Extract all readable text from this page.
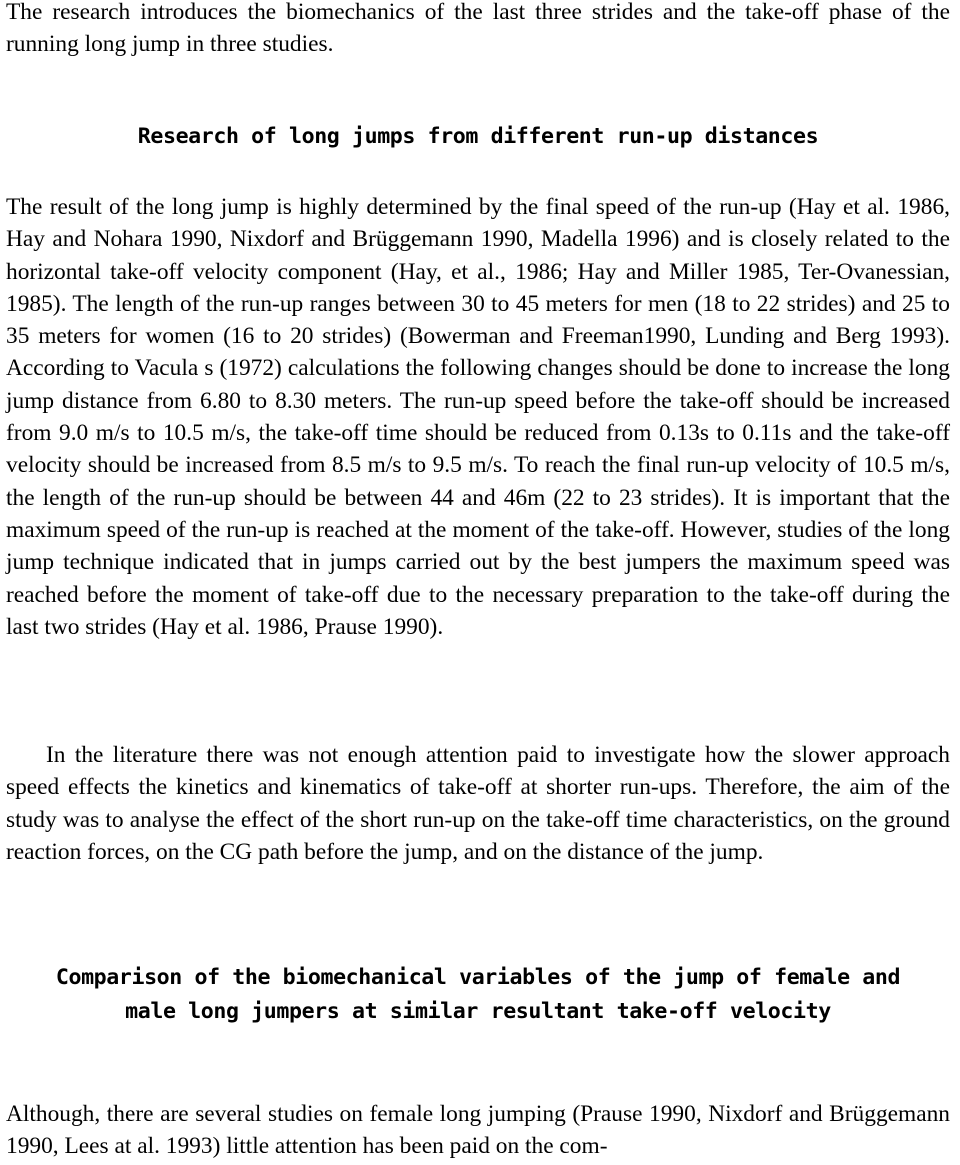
The research introduces the biomechanics of the last three strides and the take-off phase of the running long jump in three studies.

Research of long jumps from different run-up distances

The result of the long jump is highly determined by the final speed of the run-up (Hay et al. 1986, Hay and Nohara 1990, Nixdorf and Brüggemann 1990, Madella 1996) and is closely related to the horizontal take-off velocity component (Hay, et al., 1986; Hay and Miller 1985, Ter-Ovanessian, 1985). The length of the run-up ranges between 30 to 45 meters for men (18 to 22 strides) and 25 to 35 meters for women (16 to 20 strides) (Bowerman and Freeman1990, Lunding and Berg 1993). According to Vacula s (1972) calculations the following changes should be done to increase the long jump distance from 6.80 to 8.30 meters. The run-up speed before the take-off should be increased from 9.0 m/s to 10.5 m/s, the take-off time should be reduced from 0.13s to 0.11s and the take-off velocity should be increased from 8.5 m/s to 9.5 m/s. To reach the final run-up velocity of 10.5 m/s, the length of the run-up should be between 44 and 46m (22 to 23 strides). It is important that the maximum speed of the run-up is reached at the moment of the take-off. However, studies of the long jump technique indicated that in jumps carried out by the best jumpers the maximum speed was reached before the moment of take-off due to the necessary preparation to the take-off during the last two strides (Hay et al. 1986, Prause 1990).

In the literature there was not enough attention paid to investigate how the slower approach speed effects the kinetics and kinematics of take-off at shorter run-ups. Therefore, the aim of the study was to analyse the effect of the short run-up on the take-off time characteristics, on the ground reaction forces, on the CG path before the jump, and on the distance of the jump.

Comparison of the biomechanical variables of the jump of female and male long jumpers at similar resultant take-off velocity

Although, there are several studies on female long jumping (Prause 1990, Nixdorf and Brüggemann 1990, Lees at al. 1993) little attention has been paid on the com-
